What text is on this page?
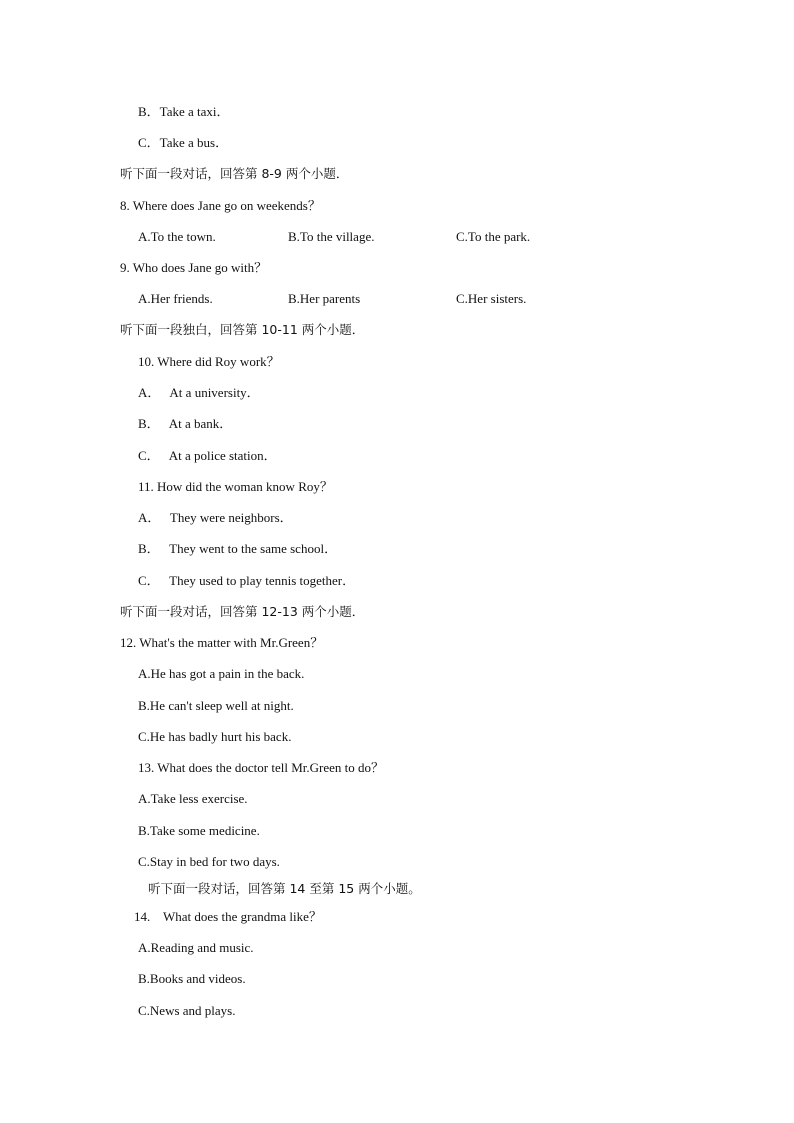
B．Take a taxi．
C．Take a bus．
听下面一段对话，回答第 8-9 两个小题．
8. Where does Jane go on weekends？
A.To the town.	B.To the village.	C.To the park.
9. Who does Jane go with？
A.Her friends.	B.Her parents	C.Her sisters.
听下面一段独白，回答第 10-11 两个小题．
10. Where did Roy work？
A．   At a university．
B．   At a bank．
C．   At a police station．
11. How did the woman know Roy？
A．   They were neighbors．
B．   They went to the same school．
C．   They used to play tennis together．
听下面一段对话，回答第 12-13 两个小题．
12. What's the matter with Mr.Green？
A.He has got a pain in the back.
B.He can't sleep well at night.
C.He has badly hurt his back.
13. What does the doctor tell Mr.Green to do？
A.Take less exercise.
B.Take some medicine.
C.Stay in bed for two days.
听下面一段对话，回答第 14 至第 15 两个小题。
14.    What does the grandma like？
A.Reading and music.
B.Books and videos.
C.News and plays.
